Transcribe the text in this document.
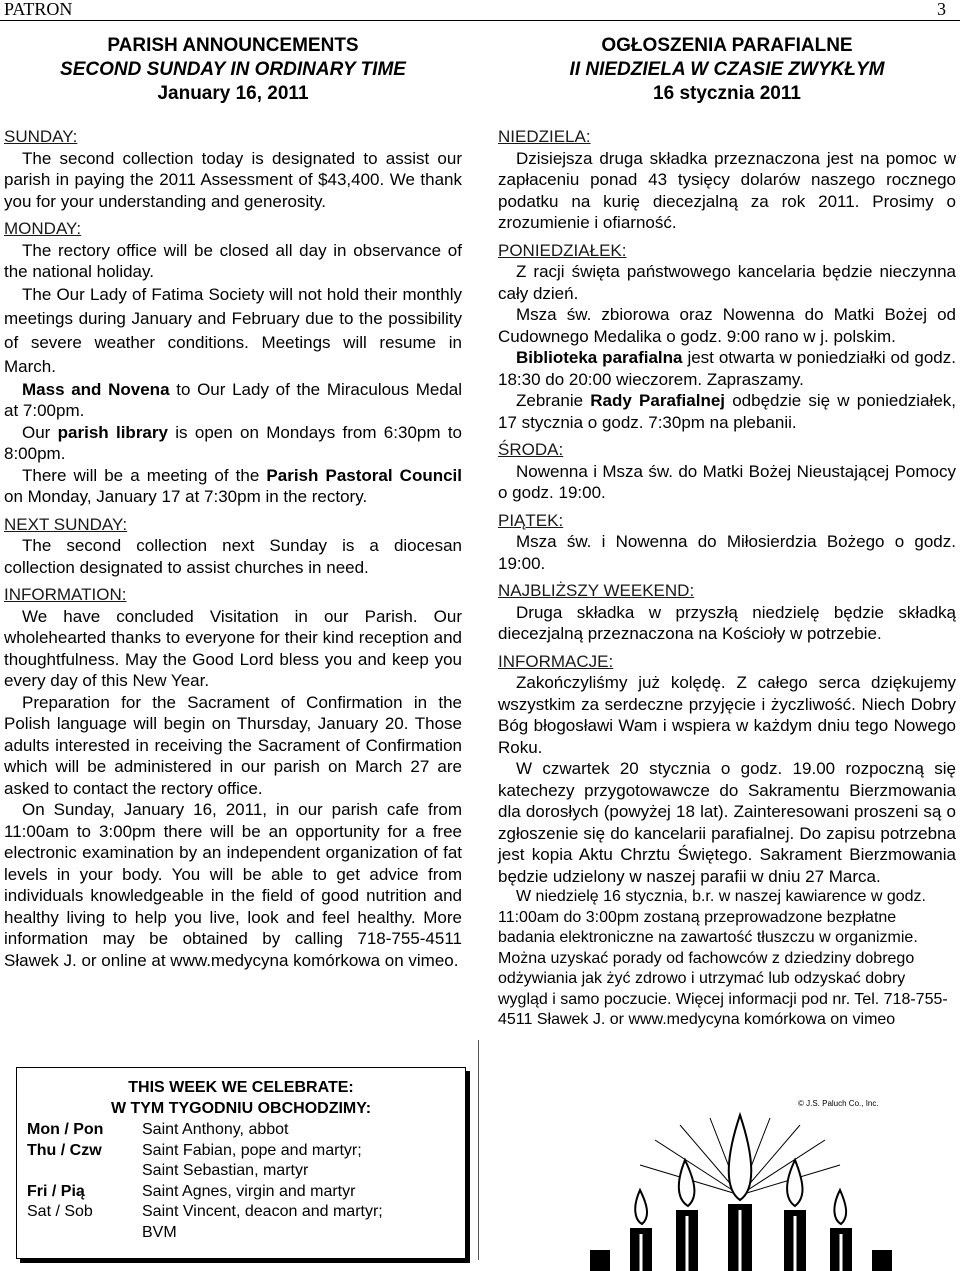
PATRON	3
PARISH ANNOUNCEMENTS
SECOND SUNDAY IN ORDINARY TIME
January 16, 2011
SUNDAY:

The second collection today is designated to assist our parish in paying the 2011 Assessment of $43,400. We thank you for your understanding and generosity.

MONDAY:

The rectory office will be closed all day in observance of the national holiday.

The Our Lady of Fatima Society will not hold their monthly meetings during January and February due to the possibility of severe weather conditions. Meetings will resume in March.

Mass and Novena to Our Lady of the Miraculous Medal at 7:00pm.

Our parish library is open on Mondays from 6:30pm to 8:00pm.

There will be a meeting of the Parish Pastoral Council on Monday, January 17 at 7:30pm in the rectory.

NEXT SUNDAY:

The second collection next Sunday is a diocesan collection designated to assist churches in need.

INFORMATION:

We have concluded Visitation in our Parish. Our wholehearted thanks to everyone for their kind reception and thoughtfulness. May the Good Lord bless you and keep you every day of this New Year.

Preparation for the Sacrament of Confirmation in the Polish language will begin on Thursday, January 20. Those adults interested in receiving the Sacrament of Confirmation which will be administered in our parish on March 27 are asked to contact the rectory office.

On Sunday, January 16, 2011, in our parish cafe from 11:00am to 3:00pm there will be an opportunity for a free electronic examination by an independent organization of fat levels in your body. You will be able to get advice from individuals knowledgeable in the field of good nutrition and healthy living to help you live, look and feel healthy. More information may be obtained by calling 718-755-4511 Sławek J. or online at www.medycyna komórkowa on vimeo.

OGŁOSZENIA PARAFIALNE
II NIEDZIELA W CZASIE ZWYKŁYM
16 stycznia 2011
NIEDZIELA:

Dzisiejsza druga składka przeznaczona jest na pomoc w zapłaceniu ponad 43 tysięcy dolarów naszego rocznego podatku na kurię diecezjalną za rok 2011. Prosimy o zrozumienie i ofiarność.

PONIEDZIAŁEK:

Z racji święta państwowego kancelaria będzie nieczynna cały dzień.

Msza św. zbiorowa oraz Nowenna do Matki Bożej od Cudownego Medalika o godz. 9:00 rano w j. polskim.

Biblioteka parafialna jest otwarta w poniedziałki od godz. 18:30 do 20:00 wieczorem. Zapraszamy.

Zebranie Rady Parafialnej odbędzie się w poniedziałek, 17 stycznia o godz. 7:30pm na plebanii.

ŚRODA:

Nowenna i Msza św. do Matki Bożej Nieustającej Pomocy o godz. 19:00.

PIĄTEK:

Msza św. i Nowenna do Miłosierdzia Bożego o godz. 19:00.

NAJBLIŻSZY WEEKEND:

Druga składka w przyszłą niedzielę będzie składką diecezjalną przeznaczona na Kościoły w potrzebie.

INFORMACJE:

Zakończyliśmy już kolędę. Z całego serca dziękujemy wszystkim za serdeczne przyjęcie i życzliwość. Niech Dobry Bóg błogosławi Wam i wspiera w każdym dniu tego Nowego Roku.

W czwartek 20 stycznia o godz. 19.00 rozpoczną się katechezy przygotowawcze do Sakramentu Bierzmowania dla dorosłych (powyżej 18 lat). Zainteresowani proszeni są o zgłoszenie się do kancelarii parafialnej. Do zapisu potrzebna jest kopia Aktu Chrztu Świętego. Sakrament Bierzmowania będzie udzielony w naszej parafii w dniu 27 Marca.

W niedzielę 16 stycznia, b.r. w naszej kawiarence w godz. 11:00am do 3:00pm zostaną przeprowadzone bezpłatne badania elektroniczne na zawartość tłuszczu w organizmie. Można uzyskać porady od fachowców z dziedziny dobrego odżywiania jak żyć zdrowo i utrzymać lub odzyskać dobry wygląd i samo poczucie. Więcej informacji pod nr. Tel. 718-755-4511 Sławek J. or www.medycyna komórkowa on vimeo

THIS WEEK WE CELEBRATE:
W TYM TYGODNIU OBCHODZIMY:
Mon / Pon	Saint Anthony, abbot
Thu / Czw	Saint Fabian, pope and martyr;
	Saint Sebastian, martyr
Fri / Pią	Saint Agnes, virgin and martyr
Sat / Sob	Saint Vincent, deacon and martyr;
	BVM
© J.S. Paluch Co., Inc.
